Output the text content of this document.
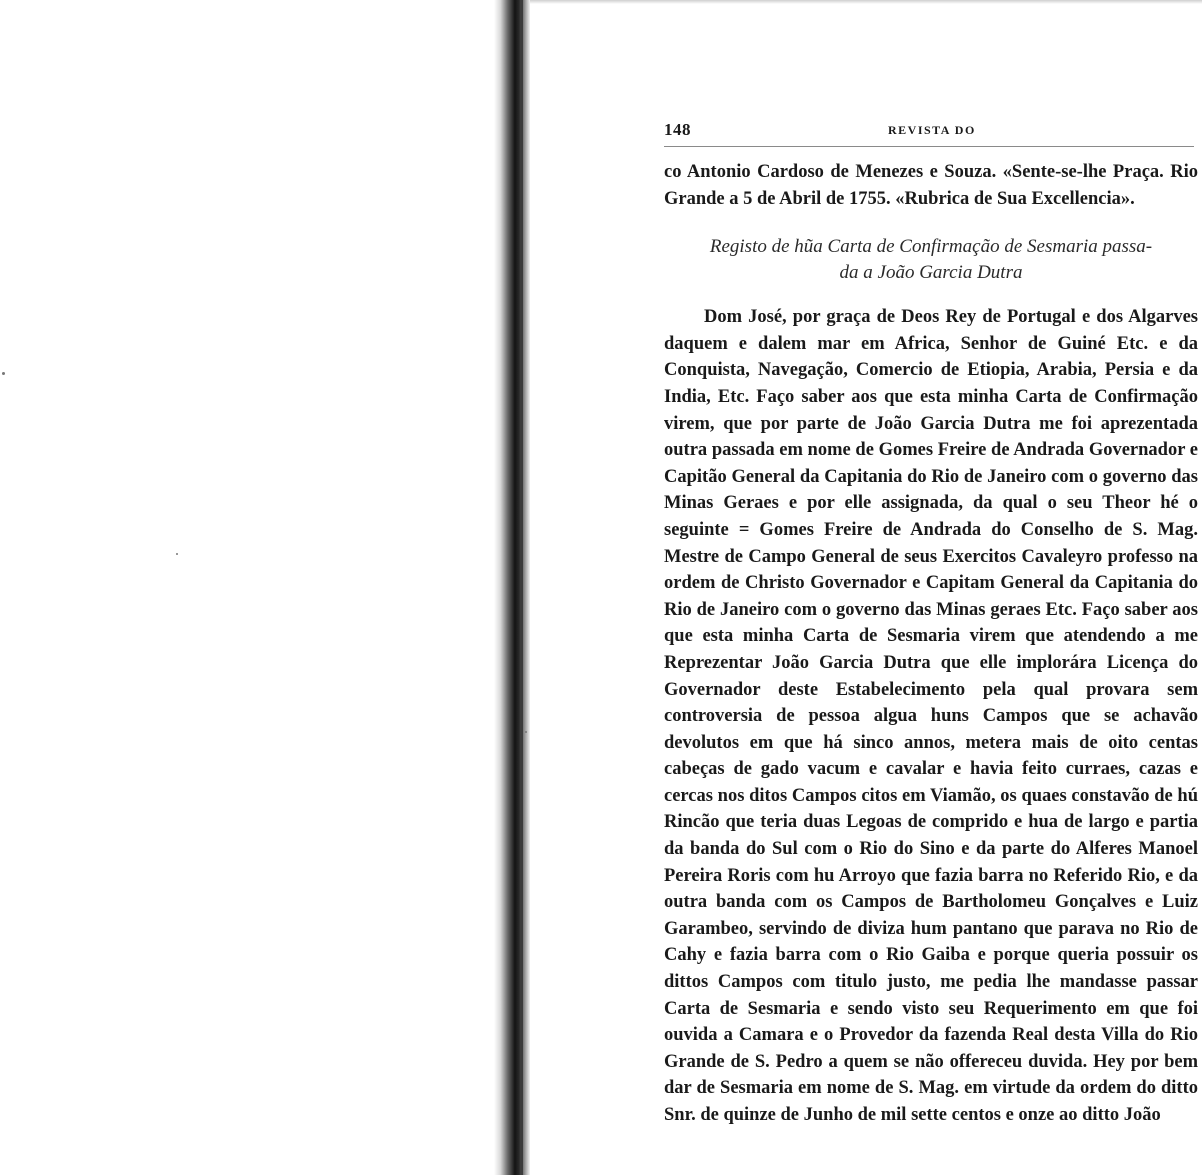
148	REVISTA DO

co Antonio Cardoso de Menezes e Souza. «Sente-se-lhe Praça. Rio Grande a 5 de Abril de 1755. «Rubrica de Sua Excellencia».

Registo de hũa Carta de Confirmação de Sesmaria passa-
da a João Garcia Dutra

Dom José, por graça de Deos Rey de Portugal e dos Algarves daquem e dalem mar em Africa, Senhor de Guiné Etc. e da Conquista, Navegação, Comercio de Etiopia, Arabia, Persia e da India, Etc. Faço saber aos que esta minha Carta de Confirmação virem, que por parte de João Garcia Dutra me foi aprezentada outra passada em nome de Gomes Freire de Andrada Governador e Capitão General da Capitania do Rio de Janeiro com o governo das Minas Geraes e por elle assignada, da qual o seu Theor hé o seguinte = Gomes Freire de Andrada do Conselho de S. Mag. Mestre de Campo General de seus Exercitos Cavaleyro professo na ordem de Christo Governador e Capitam General da Capitania do Rio de Janeiro com o governo das Minas geraes Etc. Faço saber aos que esta minha Carta de Sesmaria virem que atendendo a me Reprezentar João Garcia Dutra que elle implorára Licença do Governador deste Estabelecimento pela qual provara sem controversia de pessoa algua huns Campos que se achavão devolutos em que há sinco annos, metera mais de oito centas cabeças de gado vacum e cavalar e havia feito curraes, cazas e cercas nos ditos Campos citos em Viamão, os quaes constavão de hú Rincão que teria duas Legoas de comprido e hua de largo e partia da banda do Sul com o Rio do Sino e da parte do Alferes Manoel Pereira Roris com hu Arroyo que fazia barra no Referido Rio, e da outra banda com os Campos de Bartholomeu Gonçalves e Luiz Garambeo, servindo de diviza hum pantano que parava no Rio de Cahy e fazia barra com o Rio Gaiba e porque queria possuir os dittos Campos com titulo justo, me pedia lhe mandasse passar Carta de Sesmaria e sendo visto seu Requerimento em que foi ouvida a Camara e o Provedor da fazenda Real desta Villa do Rio Grande de S. Pedro a quem se não offereceu duvida. Hey por bem dar de Sesmaria em nome de S. Mag. em virtude da ordem do ditto Snr. de quinze de Junho de mil sette centos e onze ao ditto João
